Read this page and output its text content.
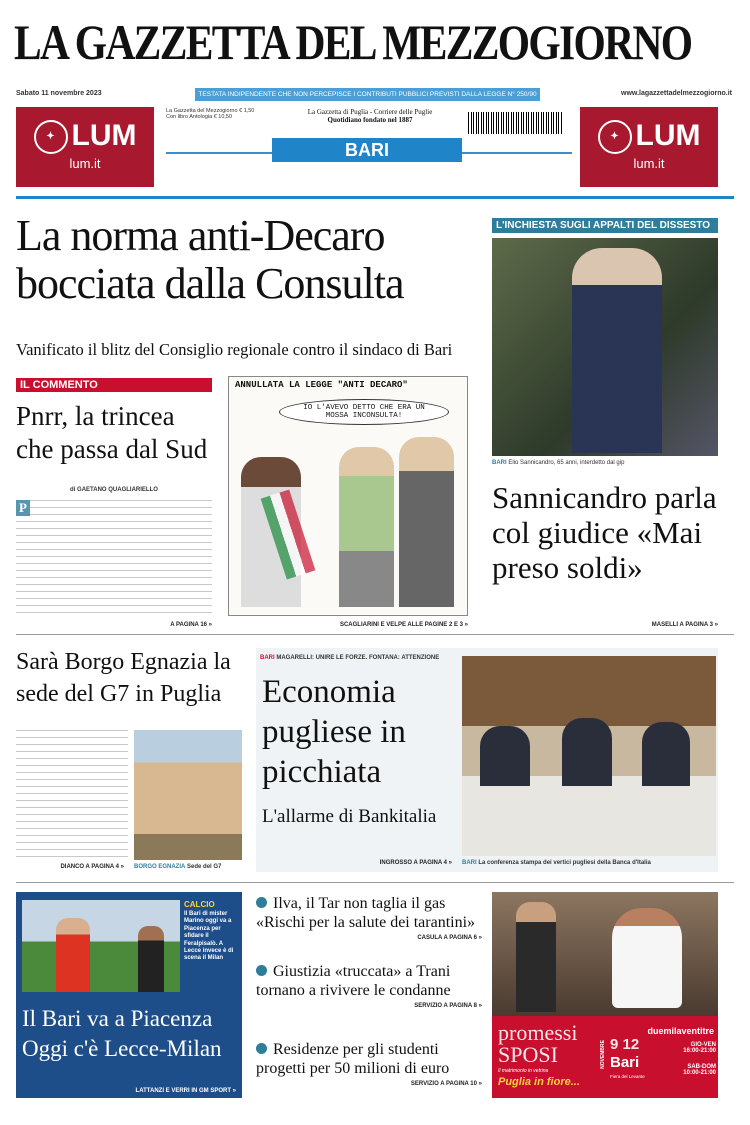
LA GAZZETTA DEL MEZZOGIORNO
Sabato 11 novembre 2023	TESTATA INDIPENDENTE CHE NON PERCEPISCE I CONTRIBUTI PUBBLICI PREVISTI DALLA LEGGE N° 250/90	www.lagazzettadelmezzogiorno.it
✦ LUM
lum.it
✦ LUM
lum.it
La Gazzetta del Mezzogiorno € 1,50
Con libro Antologia € 10,50
La Gazzetta di Puglia - Corriere delle Puglie
Quotidiano fondato nel 1887
BARI
La norma anti-Decaro bocciata dalla Consulta
Vanificato il blitz del Consiglio regionale contro il sindaco di Bari
L'INCHIESTA SUGLI APPALTI DEL DISSESTO
BARI Elio Sannicandro, 65 anni, interdetto dal gip
Sannicandro parla col giudice «Mai preso soldi»
MASELLI A PAGINA 3 »
IL COMMENTO
Pnrr, la trincea che passa dal Sud
di GAETANO QUAGLIARIELLO
P
A PAGINA 16 »
ANNULLATA LA LEGGE "ANTI DECARO"
IO L'AVEVO DETTO CHE ERA UN MOSSA INCONSULTA!
SCAGLIARINI E VELPE ALLE PAGINE 2 E 3 »
Sarà Borgo Egnazia la sede del G7 in Puglia
BORGO EGNAZIA Sede del G7
DIANCO A PAGINA 4 »
BARI MAGARELLI: UNIRE LE FORZE. FONTANA: ATTENZIONE
Economia pugliese in picchiata
L'allarme di Bankitalia
INGROSSO A PAGINA 4 » BARI La conferenza stampa dei vertici pugliesi della Banca d'Italia
CALCIO
Il Bari di mister Marino oggi va a Piacenza per sfidare il Feralpisalò. A Lecce invece è di scena il Milan
Il Bari va a Piacenza Oggi c'è Lecce-Milan
LATTANZI E VERRI IN GM SPORT »
Ilva, il Tar non taglia il gas «Rischi per la salute dei tarantini»
CASULA A PAGINA 6 »
Giustizia «truccata» a Trani tornano a rivivere le condanne
SERVIZIO A PAGINA 8 »
Residenze per gli studenti progetti per 50 milioni di euro
SERVIZIO A PAGINA 10 »
promessi SPOSI
Il matrimonio in vetrina
Puglia in fiore...
duemilaventitre
NOVEMBRE 9 12
Bari
Fiera del Levante
GIO-VEN 16:00-21:00
SAB-DOM 10:00-21:00
